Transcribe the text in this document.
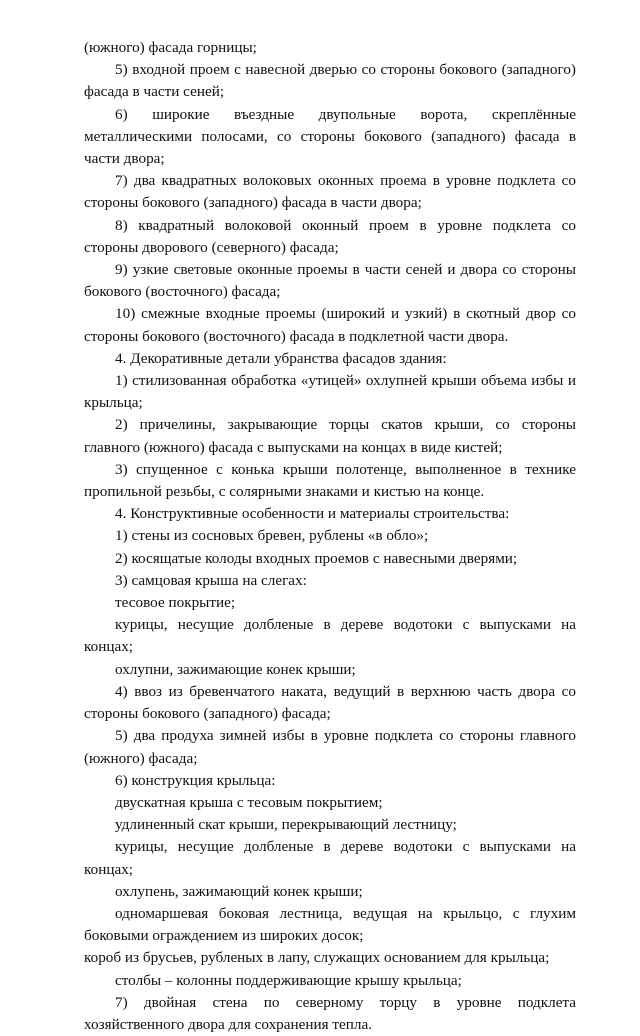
(южного) фасада горницы;

5) входной проем с навесной дверью со стороны бокового (западного) фасада в части сеней;

6) широкие въездные двупольные ворота, скреплённые металлическими полосами, со стороны бокового (западного) фасада в части двора;

7) два квадратных волоковых оконных проема в уровне подклета со стороны бокового (западного) фасада в части двора;

8) квадратный волоковой оконный проем в уровне подклета со стороны дворового (северного) фасада;

9) узкие световые оконные проемы в части сеней и двора со стороны бокового (восточного) фасада;

10) смежные входные проемы (широкий и узкий) в скотный двор со стороны бокового (восточного) фасада в подклетной части двора.

4. Декоративные детали убранства фасадов здания:

1) стилизованная обработка «утицей» охлупней крыши объема избы и крыльца;

2) причелины, закрывающие торцы скатов крыши, со стороны главного (южного) фасада с выпусками на концах в виде кистей;

3) спущенное с конька крыши полотенце, выполненное в технике пропильной резьбы, с солярными знаками и кистью на конце.

4. Конструктивные особенности и материалы строительства:

1) стены из сосновых бревен, рублены «в обло»;

2) косящатые колоды входных проемов с навесными дверями;

3) самцовая крыша на слегах:

тесовое покрытие;

курицы, несущие долбленые в дереве водотоки с выпусками на концах;

охлупни, зажимающие конек крыши;

4) ввоз из бревенчатого наката, ведущий в верхнюю часть двора со стороны бокового (западного) фасада;

5) два продуха зимней избы в уровне подклета со стороны главного (южного) фасада;

6) конструкция крыльца:

двускатная крыша с тесовым покрытием;

удлиненный скат крыши, перекрывающий лестницу;

курицы, несущие долбленые в дереве водотоки с выпусками на концах;

охлупень, зажимающий конек крыши;

одномаршевая боковая лестница, ведущая на крыльцо, с глухим боковыми ограждением из широких досок;

короб из брусьев, рубленых в лапу, служащих основанием для крыльца;

столбы – колонны поддерживающие крышу крыльца;

7) двойная стена по северному торцу в уровне подклета хозяйственного двора для сохранения тепла.
